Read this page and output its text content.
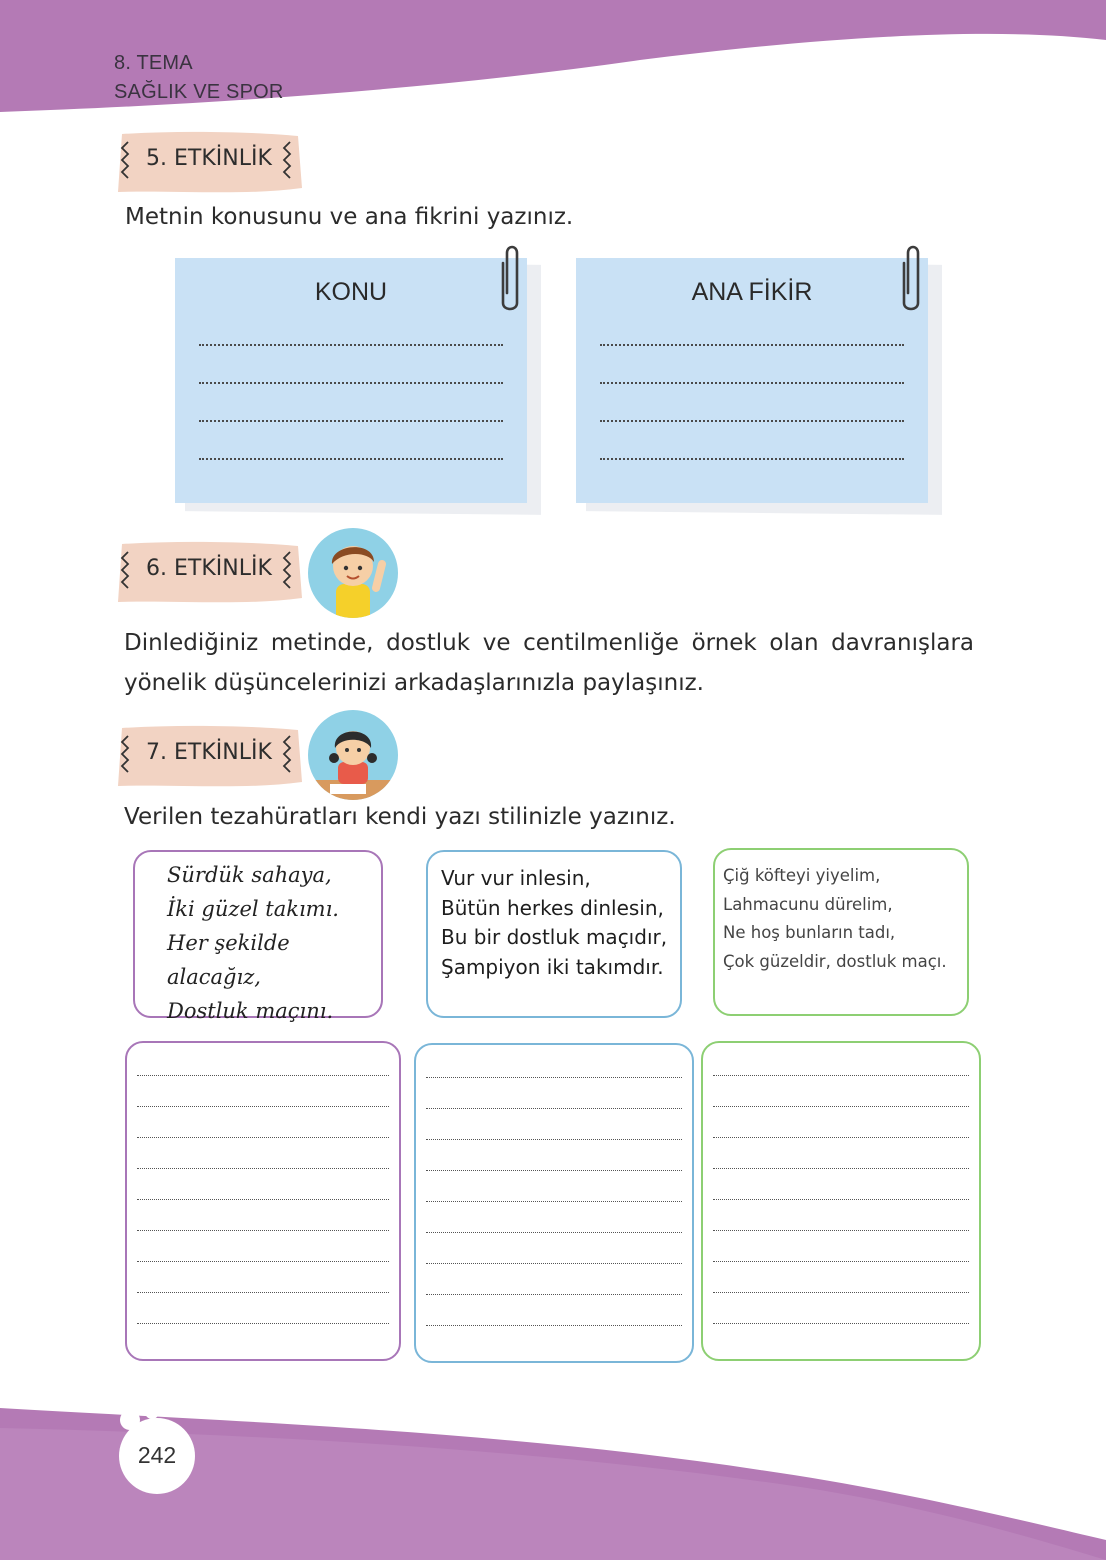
8. TEMA
SAĞLIK VE SPOR
5. ETKİNLİK
Metnin konusunu ve ana fikrini yazınız.
KONU	ANA FİKİR
6. ETKİNLİK
Dinlediğiniz metinde, dostluk ve centilmenliğe örnek olan davranışlara yönelik düşüncelerinizi arkadaşlarınızla paylaşınız.
7. ETKİNLİK
Verilen tezahüratları kendi yazı stilinizle yazınız.

Sürdük sahaya,

İki güzel takımı.

Her şekilde alacağız,

Dostluk maçını.

Vur vur inlesin,

Bütün herkes dinlesin,

Bu bir dostluk maçıdır,

Şampiyon iki takımdır.

Çiğ köfteyi yiyelim,

Lahmacunu dürelim,

Ne hoş bunların tadı,

Çok güzeldir, dostluk maçı.

242
